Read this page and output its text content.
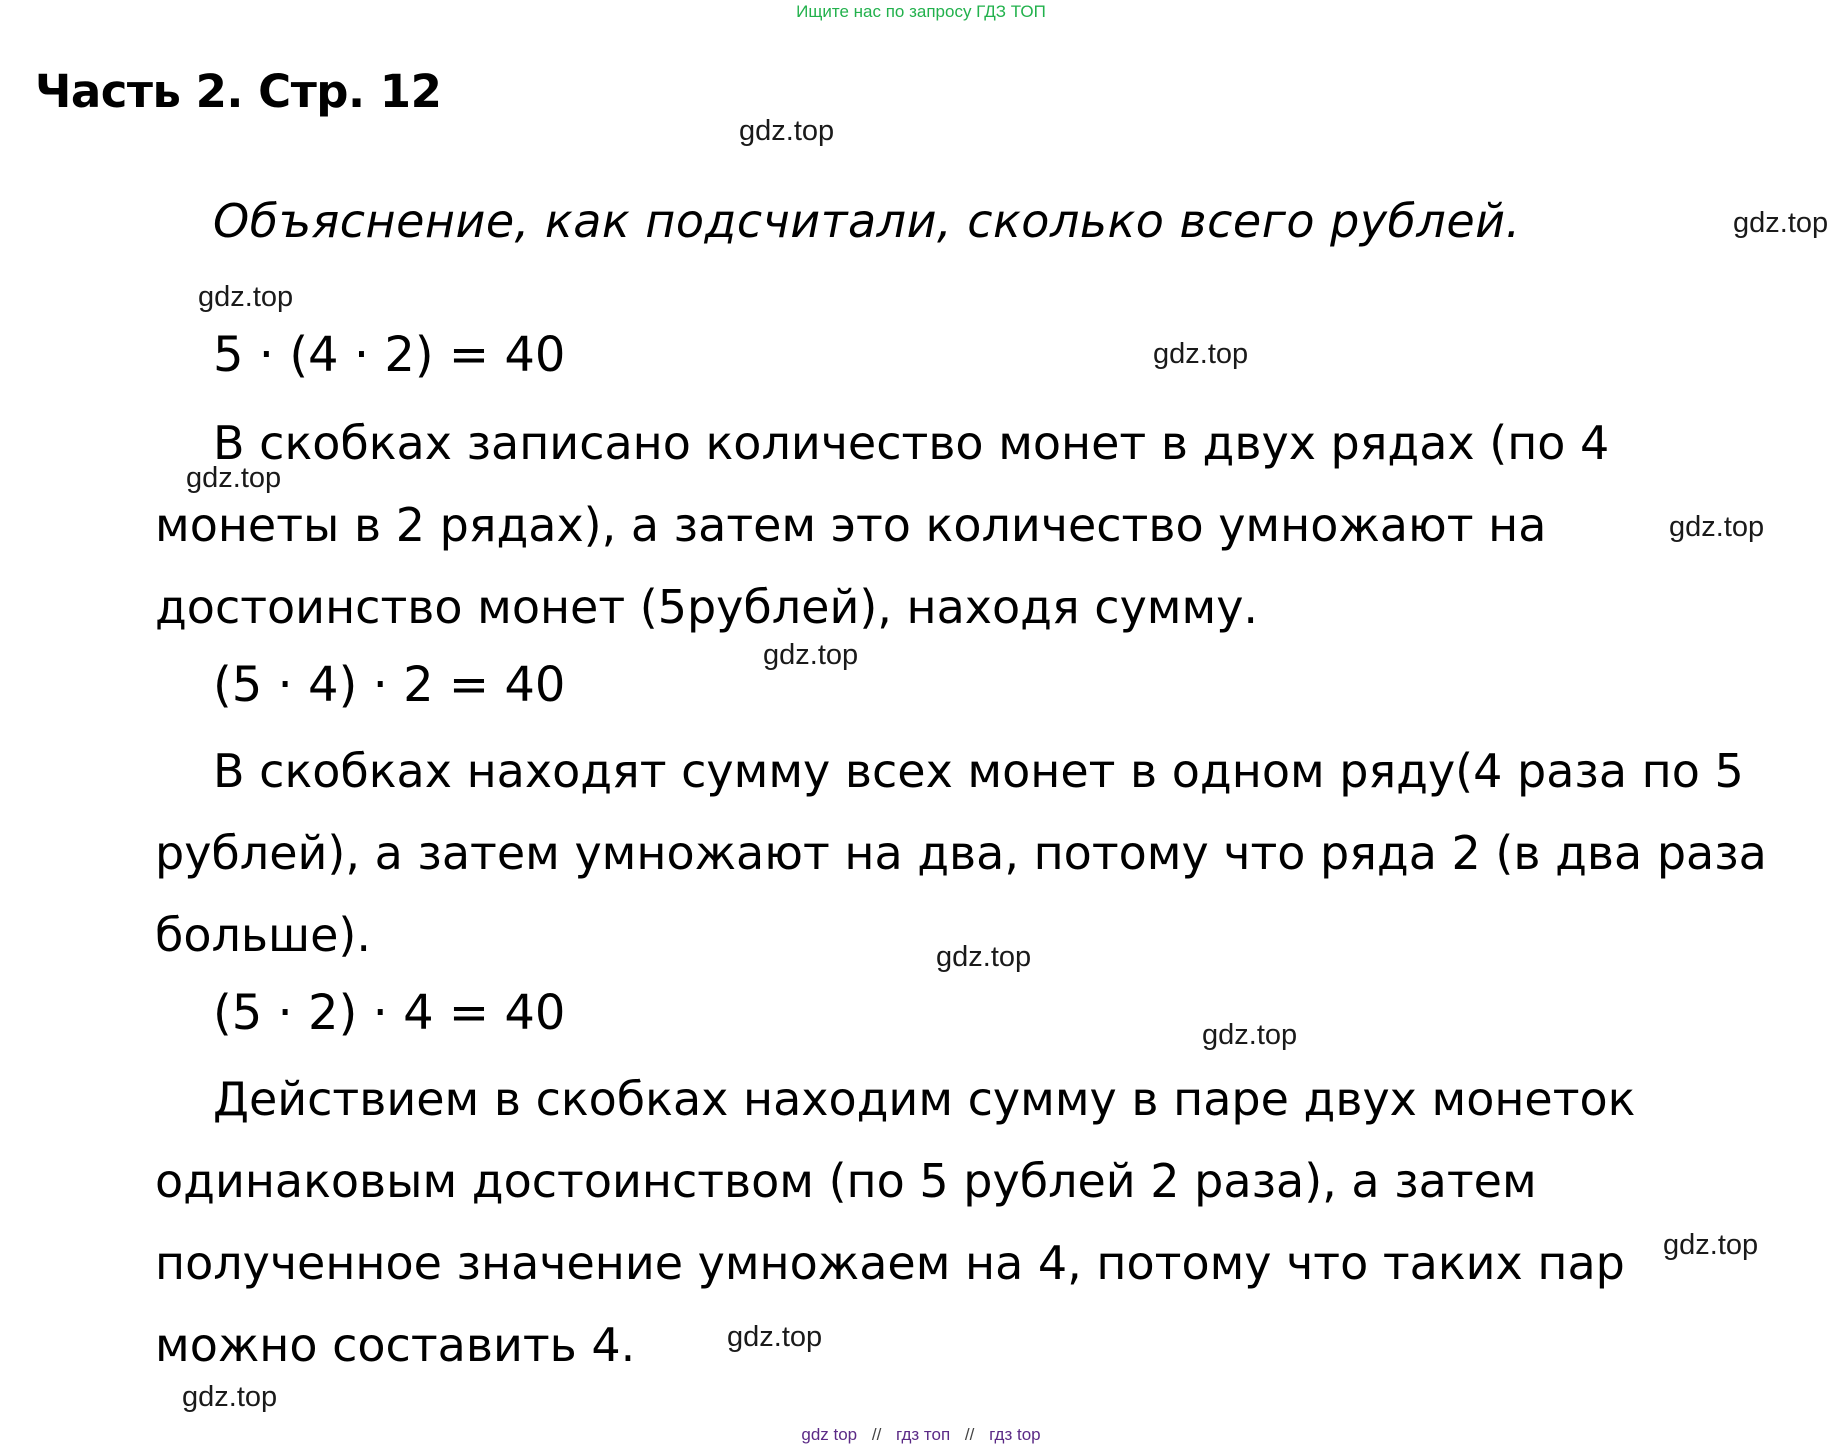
Ищите нас по запросу ГДЗ ТОП
Часть 2. Стр. 12
Объяснение, как подсчитали, сколько всего рублей.
5 · (4 · 2) = 40

В скобках записано количество монет в двух рядах (по 4 монеты в 2 рядах), а затем это количество умножают на достоинство монет (5рублей), находя сумму.

(5 · 4) · 2 = 40

В скобках находят сумму всех монет в одном ряду(4 раза по 5 рублей), а затем умножают на два, потому что ряда 2 (в два раза больше).

(5 · 2) · 4 = 40

Действием в скобках находим сумму в паре двух монеток одинаковым достоинством (по 5 рублей 2 раза), а затем полученное значение умножаем на 4, потому что таких пар можно составить 4.

gdz.top
gdz.top
gdz.top
gdz.top
gdz.top
gdz.top
gdz.top
gdz.top
gdz.top
gdz.top
gdz.top
gdz.top
gdz top // гдз топ // гдз top
